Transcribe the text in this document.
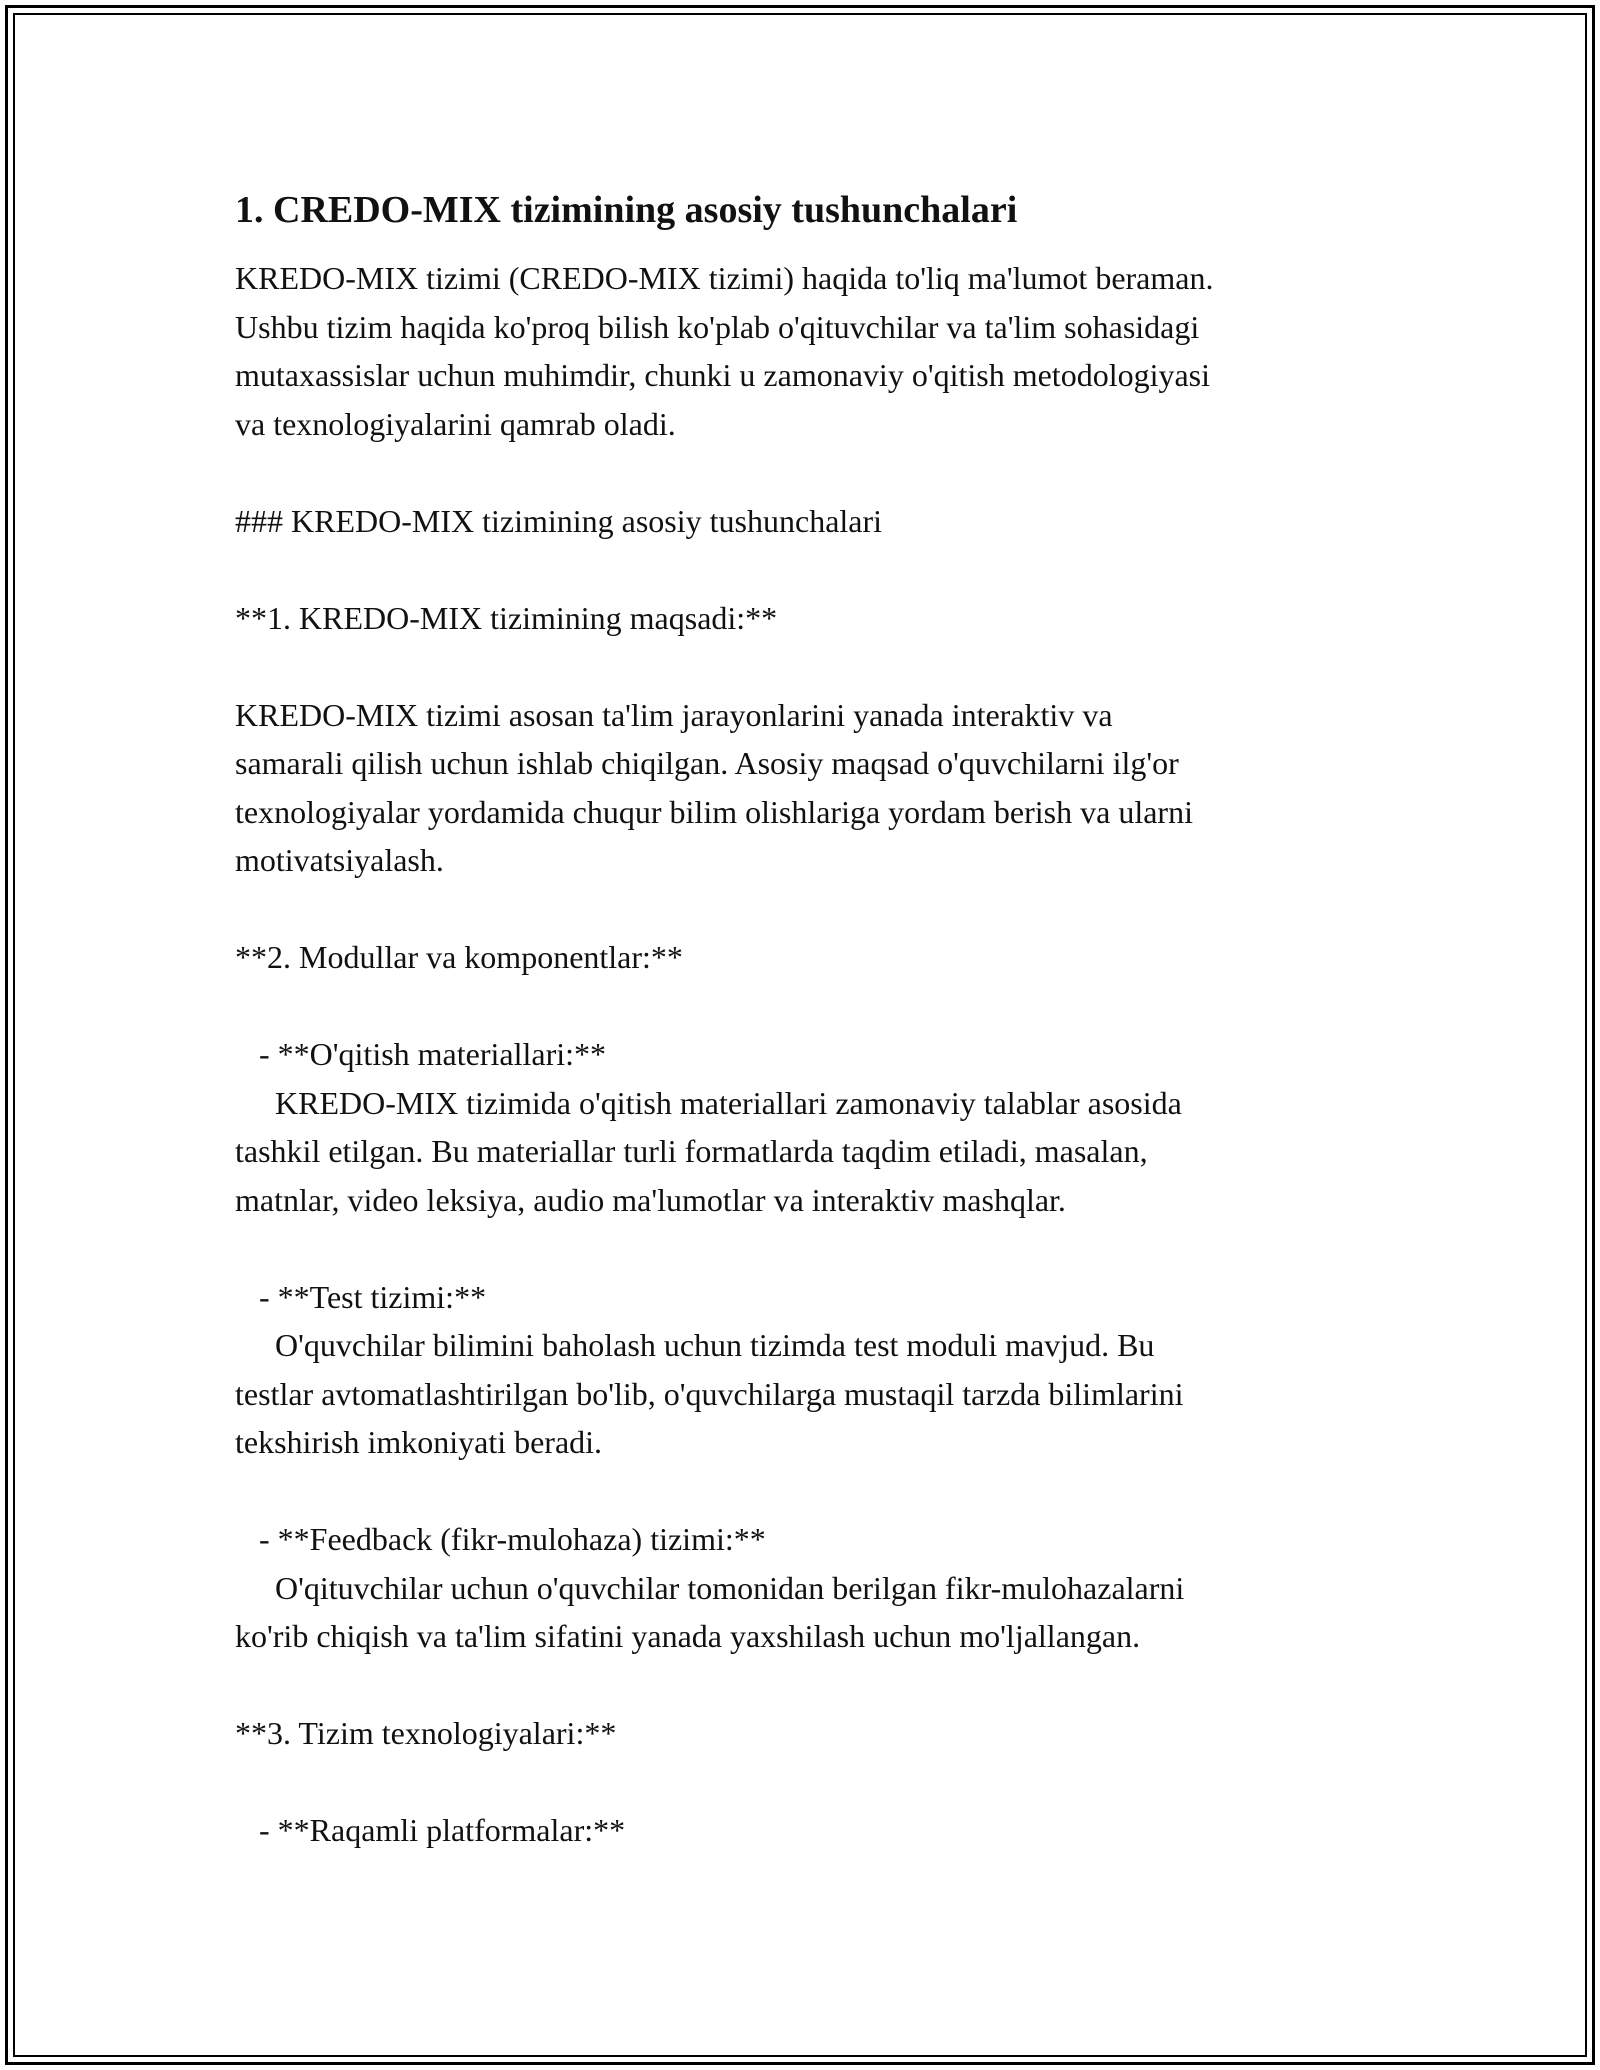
1. CREDO-MIX tizimining asosiy tushunchalari
KREDO-MIX tizimi (CREDO-MIX tizimi) haqida to'liq ma'lumot beraman.
Ushbu tizim haqida ko'proq bilish ko'plab o'qituvchilar va ta'lim sohasidagi
mutaxassislar uchun muhimdir, chunki u zamonaviy o'qitish metodologiyasi
va texnologiyalarini qamrab oladi.
### KREDO-MIX tizimining asosiy tushunchalari
**1. KREDO-MIX tizimining maqsadi:**
KREDO-MIX tizimi asosan ta'lim jarayonlarini yanada interaktiv va
samarali qilish uchun ishlab chiqilgan. Asosiy maqsad o'quvchilarni ilg'or
texnologiyalar yordamida chuqur bilim olishlariga yordam berish va ularni
motivatsiyalash.
**2. Modullar va komponentlar:**
- **O'qitish materiallari:**
KREDO-MIX tizimida o'qitish materiallari zamonaviy talablar asosida
tashkil etilgan. Bu materiallar turli formatlarda taqdim etiladi, masalan,
matnlar, video leksiya, audio ma'lumotlar va interaktiv mashqlar.
- **Test tizimi:**
O'quvchilar bilimini baholash uchun tizimda test moduli mavjud. Bu
testlar avtomatlashtirilgan bo'lib, o'quvchilarga mustaqil tarzda bilimlarini
tekshirish imkoniyati beradi.
- **Feedback (fikr-mulohaza) tizimi:**
O'qituvchilar uchun o'quvchilar tomonidan berilgan fikr-mulohazalarni
ko'rib chiqish va ta'lim sifatini yanada yaxshilash uchun mo'ljallangan.
**3. Tizim texnologiyalari:**
- **Raqamli platformalar:**
